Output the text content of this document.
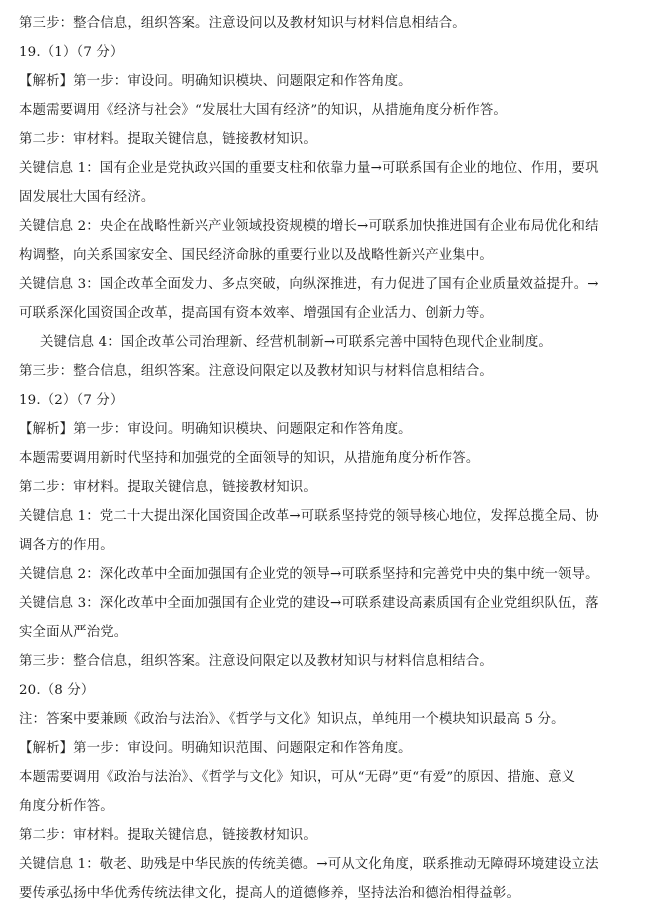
第三步：整合信息，组织答案。注意设问以及教材知识与材料信息相结合。
19.（1）（7 分）
【解析】第一步：审设问。明确知识模块、问题限定和作答角度。
本题需要调用《经济与社会》“发展壮大国有经济”的知识，从措施角度分析作答。
第二步：审材料。提取关键信息，链接教材知识。
关键信息 1：国有企业是党执政兴国的重要支柱和依靠力量→可联系国有企业的地位、作用，要巩
固发展壮大国有经济。
关键信息 2：央企在战略性新兴产业领域投资规模的增长→可联系加快推进国有企业布局优化和结
构调整，向关系国家安全、国民经济命脉的重要行业以及战略性新兴产业集中。
关键信息 3：国企改革全面发力、多点突破，向纵深推进，有力促进了国有企业质量效益提升。→
可联系深化国资国企改革，提高国有资本效率、增强国有企业活力、创新力等。
关键信息 4：国企改革公司治理新、经营机制新→可联系完善中国特色现代企业制度。
第三步：整合信息，组织答案。注意设问限定以及教材知识与材料信息相结合。
19.（2）（7 分）
【解析】第一步：审设问。明确知识模块、问题限定和作答角度。
本题需要调用新时代坚持和加强党的全面领导的知识，从措施角度分析作答。
第二步：审材料。提取关键信息，链接教材知识。
关键信息 1：党二十大提出深化国资国企改革→可联系坚持党的领导核心地位，发挥总揽全局、协
调各方的作用。
关键信息 2：深化改革中全面加强国有企业党的领导→可联系坚持和完善党中央的集中统一领导。
关键信息 3：深化改革中全面加强国有企业党的建设→可联系建设高素质国有企业党组织队伍，落
实全面从严治党。
第三步：整合信息，组织答案。注意设问限定以及教材知识与材料信息相结合。
20.（8 分）
注：答案中要兼顾《政治与法治》、《哲学与文化》知识点，单纯用一个模块知识最高 5 分。
【解析】第一步：审设问。明确知识范围、问题限定和作答角度。
本题需要调用《政治与法治》、《哲学与文化》知识，可从“无碍”更“有爱”的原因、措施、意义
角度分析作答。
第二步：审材料。提取关键信息，链接教材知识。
关键信息 1：敬老、助残是中华民族的传统美德。→可从文化角度，联系推动无障碍环境建设立法
要传承弘扬中华优秀传统法律文化，提高人的道德修养，坚持法治和德治相得益彰。
